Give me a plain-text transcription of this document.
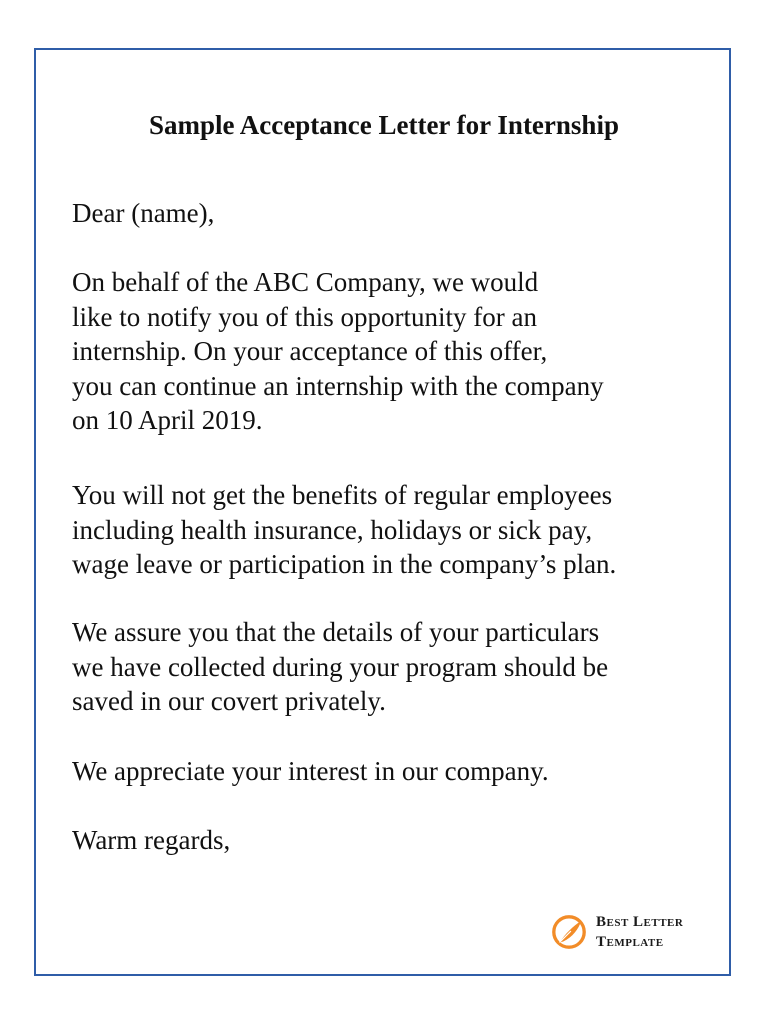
Sample Acceptance Letter for Internship

Dear (name),

On behalf of the ABC Company, we would
like to notify you of this opportunity for an
internship. On your acceptance of this offer,
you can continue an internship with the company
on 10 April 2019.

You will not get the benefits of regular employees
including health insurance, holidays or sick pay,
wage leave or participation in the company’s plan.

We assure you that the details of your particulars
we have collected during your program should be
saved in our covert privately.

We appreciate your interest in our company.

Warm regards,

Best Letter
Template
